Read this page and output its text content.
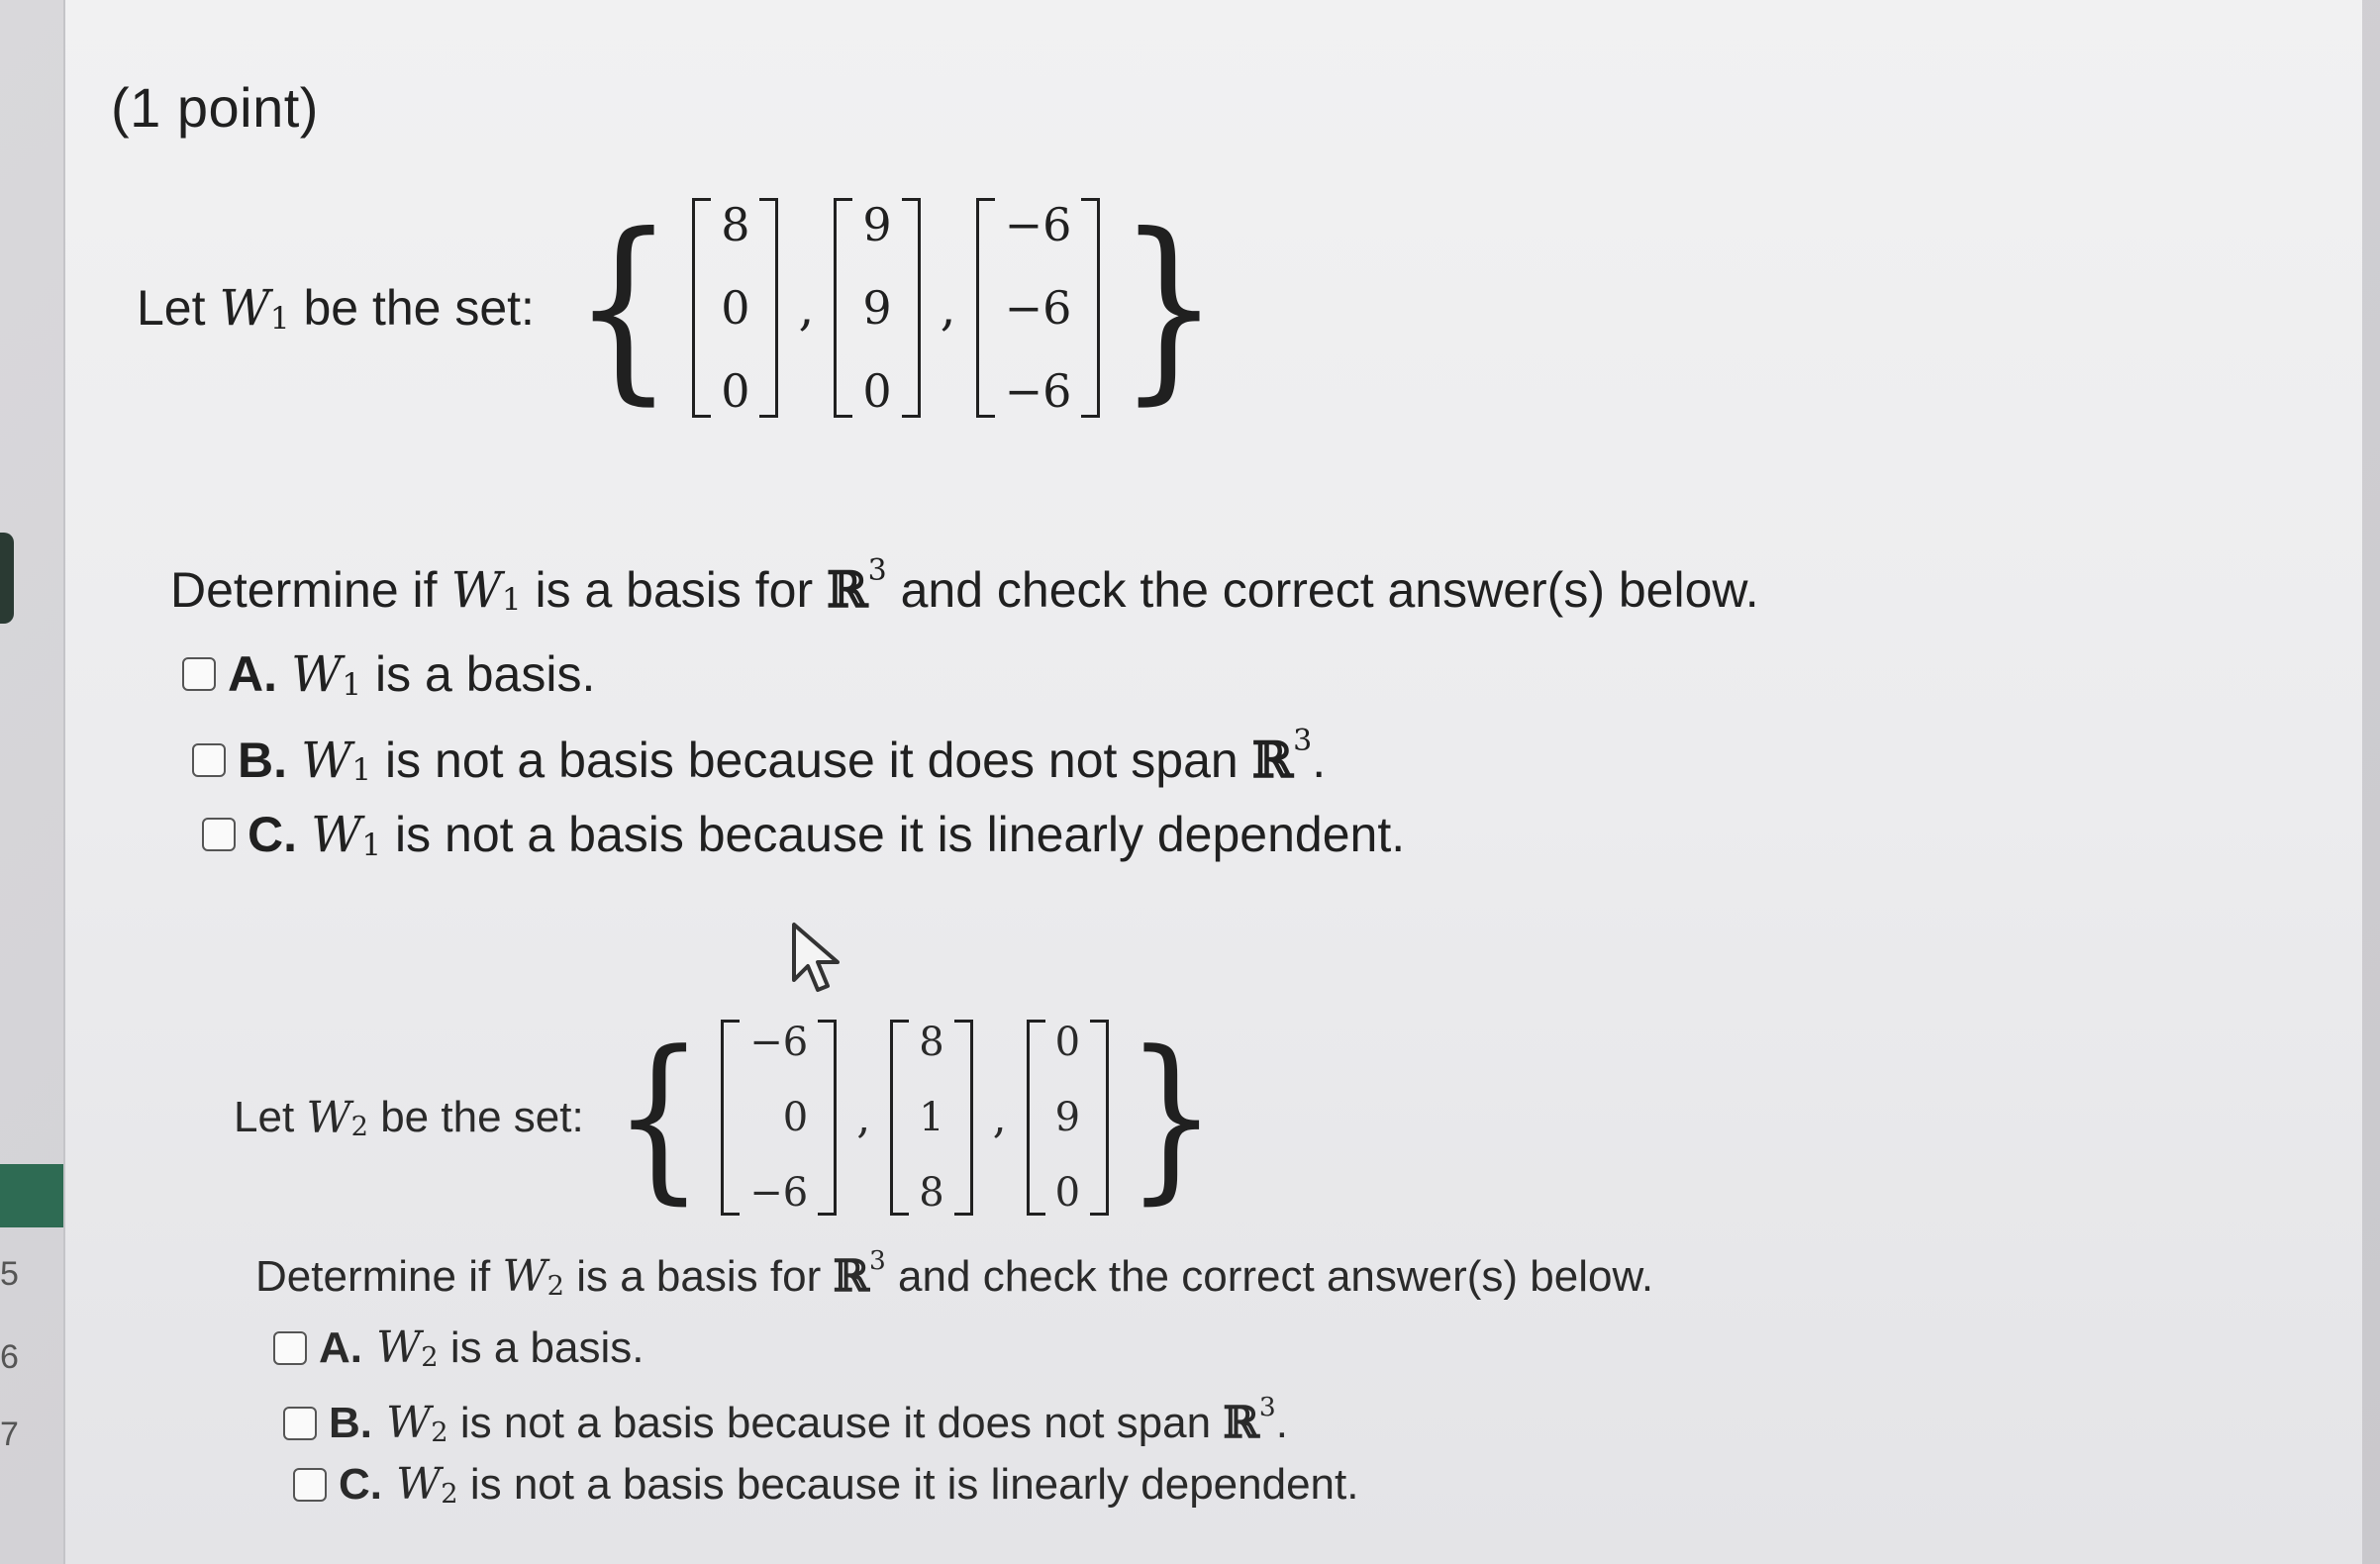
5
6
7
(1 point)
Let W 1 be the set: { 8
0
0
,
9
9
0
,
−6
−6
−6 }
Determine if W 1 is a basis for ℝ 3 and check the correct answer(s) below.
A. W 1 is a basis.
B. W 1 is not a basis because it does not span ℝ 3 .
C. W 1 is not a basis because it is linearly dependent.
Let W 2 be the set: { −6
0
−6
,
8
1
8
,
0
9
0 }
Determine if W 2 is a basis for ℝ 3 and check the correct answer(s) below.
A. W 2 is a basis.
B. W 2 is not a basis because it does not span ℝ 3 .
C. W 2 is not a basis because it is linearly dependent.
